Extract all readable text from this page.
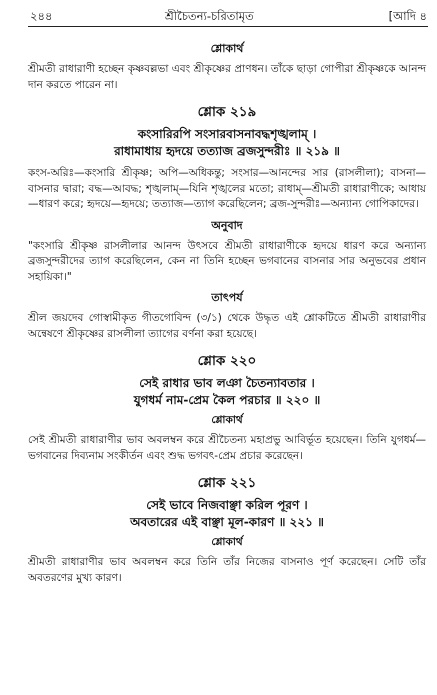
২৪৪	শ্রীচৈতন্য-চরিতামৃত	[আদি ৪
শ্লোকার্থ

শ্রীমতী রাধারাণী হচ্ছেন কৃষ্ণবল্লভা এবং শ্রীকৃষ্ণের প্রাণধন। তাঁকে ছাড়া গোপীরা শ্রীকৃষ্ণকে আনন্দ দান করতে পারেন না।

শ্লোক ২১৯
কংসারিরপি সংসারবাসনাবদ্ধশৃঙ্খলাম্ ।
রাধামাধায় হৃদয়ে তত্যাজ ব্রজসুন্দরীঃ ॥ ২১৯ ॥

কংস-অরিঃ—কংসারি শ্রীকৃষ্ণ; অপি—অধিকন্তু; সংসার—আনন্দের সার (রাসলীলা); বাসনা—বাসনার দ্বারা; বদ্ধ—আবদ্ধ; শৃঙ্খলাম্—যিনি শৃঙ্খলের মতো; রাধাম্—শ্রীমতী রাধারাণীকে; আধায়—ধারণ করে; হৃদয়ে—হৃদয়ে; তত্যাজ—ত্যাগ করেছিলেন; ব্রজ-সুন্দরীঃ—অন্যান্য গোপিকাদের।

অনুবাদ

"কংসারি শ্রীকৃষ্ণ রাসলীলার আনন্দ উৎসবে শ্রীমতী রাধারাণীকে হৃদয়ে ধারণ করে অন্যান্য ব্রজসুন্দরীদের ত্যাগ করেছিলেন, কেন না তিনি হচ্ছেন ভগবানের বাসনার সার অনুভবের প্রধান সহায়িকা।"

তাৎপর্য

শ্রীল জয়দেব গোস্বামীকৃত গীতগোবিন্দ (৩/১) থেকে উদ্ধৃত এই শ্লোকটিতে শ্রীমতী রাধারাণীর অন্বেষণে শ্রীকৃষ্ণের রাসলীলা ত্যাগের বর্ণনা করা হয়েছে।

শ্লোক ২২০
সেই রাধার ভাব লঞা চৈতন্যাবতার ।
যুগধর্ম নাম-প্রেম কৈল পরচার ॥ ২২০ ॥
শ্লোকার্থ

সেই শ্রীমতী রাধারাণীর ভাব অবলম্বন করে শ্রীচৈতন্য মহাপ্রভু আবির্ভূত হয়েছেন। তিনি যুগধর্ম—ভগবানের দিব্যনাম সংকীর্তন এবং শুদ্ধ ভগবৎ-প্রেম প্রচার করেছেন।

শ্লোক ২২১
সেই ভাবে নিজবাঞ্ছা করিল পূরণ ।
অবতারের এই বাঞ্ছা মূল-কারণ ॥ ২২১ ॥
শ্লোকার্থ

শ্রীমতী রাধারাণীর ভাব অবলম্বন করে তিনি তাঁর নিজের বাসনাও পূর্ণ করেছেন। সেটি তাঁর অবতরণের মুখ্য কারণ।
